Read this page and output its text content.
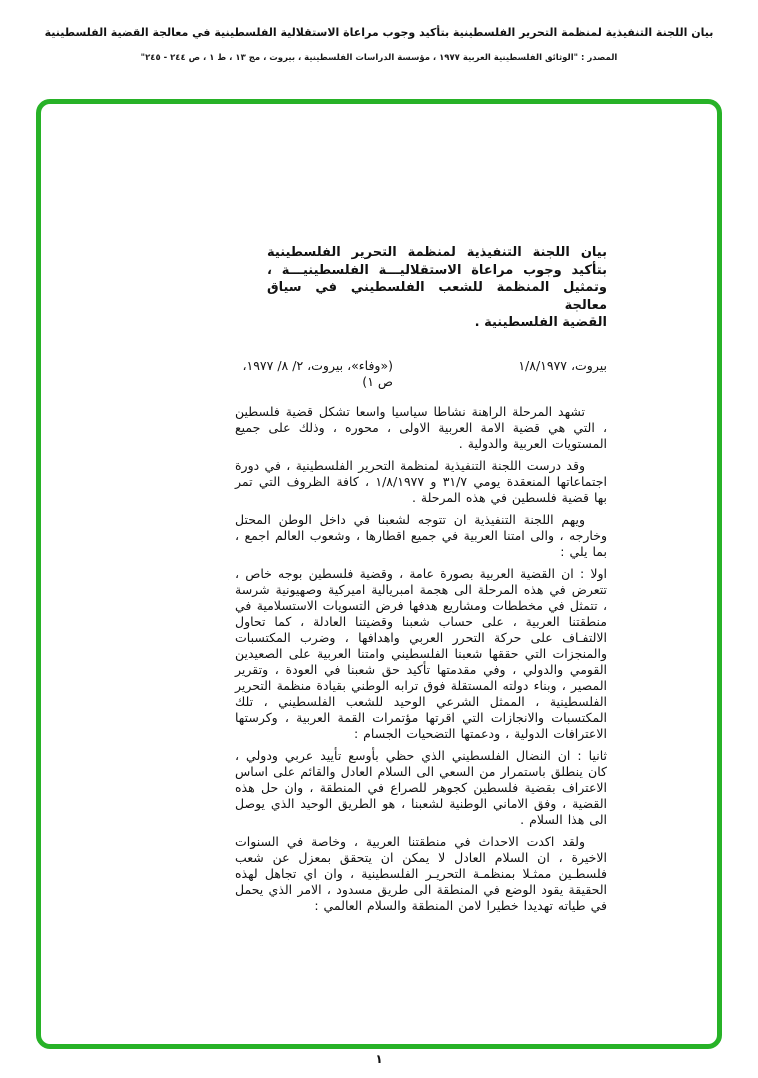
بيان اللجنة التنفيذية لمنظمة التحرير الفلسطينية بتأكيد وجوب مراعاة الاستقلالية الفلسطينية في معالجة القضية الفلسطينية
المصدر : "الوثائق الفلسطينية العربية ١٩٧٧ ، مؤسسة الدراسات الفلسطينية ، بيروت ، مج ١٣ ، ط ١ ، ص ٢٤٤ - ٢٤٥"
بيان اللجنة التنفيذية لمنظمة التحرير الفلسطينية
بتأكيد وجوب مراعاة الاستقلاليـــة الفلسطينيـــة ،
وتمثيل المنظمة للشعب الفلسطيني في سياق معالجة
القضية الفلسطينية .
بيروت، ١/٨/١٩٧٧
(«وفاء»، بيروت، ٢/ ٨/ ١٩٧٧، ص ١)

تشهد المرحلة الراهنة نشاطا سياسيا واسعا تشكل قضية فلسطين ، التي هي قضية الامة العربية الاولى ، محوره ، وذلك على جميع المستويات العربية والدولية .

وقد درست اللجنة التنفيذية لمنظمة التحرير الفلسطينية ، في دورة اجتماعاتها المنعقدة يومي ٣١/٧ و ١/٨/١٩٧٧ ، كافة الظروف التي تمر بها قضية فلسطين في هذه المرحلة .

ويهم اللجنة التنفيذية ان تتوجه لشعبنا في داخل الوطن المحتل وخارجه ، والى امتنا العربية في جميع اقطارها ، وشعوب العالم اجمع ، بما يلي :

اولا : ان القضية العربية بصورة عامة ، وقضية فلسطين بوجه خاص ، تتعرض في هذه المرحلة الى هجمة امبريالية اميركية وصهيونية شرسة ، تتمثل في مخططات ومشاريع هدفها فرض التسويات الاستسلامية في منطقتنا العربية ، على حساب شعبنا وقضيتنا العادلة ، كما تحاول الالتفـاف على حركة التحرر العربي واهدافها ، وضرب المكتسبات والمنجزات التي حققها شعبنا الفلسطيني وامتنا العربية على الصعيدين القومي والدولي ، وفي مقدمتها تأكيد حق شعبنا في العودة ، وتقرير المصير ، وبناء دولته المستقلة فوق ترابه الوطني بقيادة منظمة التحرير الفلسطينية ، الممثل الشرعي الوحيد للشعب الفلسطيني ، تلك المكتسبات والانجازات التي اقرتها مؤتمرات القمة العربية ، وكرستها الاعترافات الدولية ، ودعمتها التضحيات الجسام :

ثانيا : ان النضال الفلسطيني الذي حظي بأوسع تأييد عربي ودولي ، كان ينطلق باستمرار من السعي الى السلام العادل والقائم على اساس الاعتراف بقضية فلسطين كجوهر للصراع في المنطقة ، وان حل هذه القضية ، وفق الاماني الوطنية لشعبنا ، هو الطريق الوحيد الذي يوصل الى هذا السلام .

ولقد اكدت الاحداث في منطقتنا العربية ، وخاصة في السنوات الاخيرة ، ان السلام العادل لا يمكن ان يتحقق بمعزل عن شعب فلسطـين ممثـلا بمنظمـة التحريـر الفلسطينية ، وان اي تجاهل لهذه الحقيقة يقود الوضع في المنطقة الى طريق مسدود ، الامر الذي يحمل في طياته تهديدا خطيرا لامن المنطقة والسلام العالمي :

١
